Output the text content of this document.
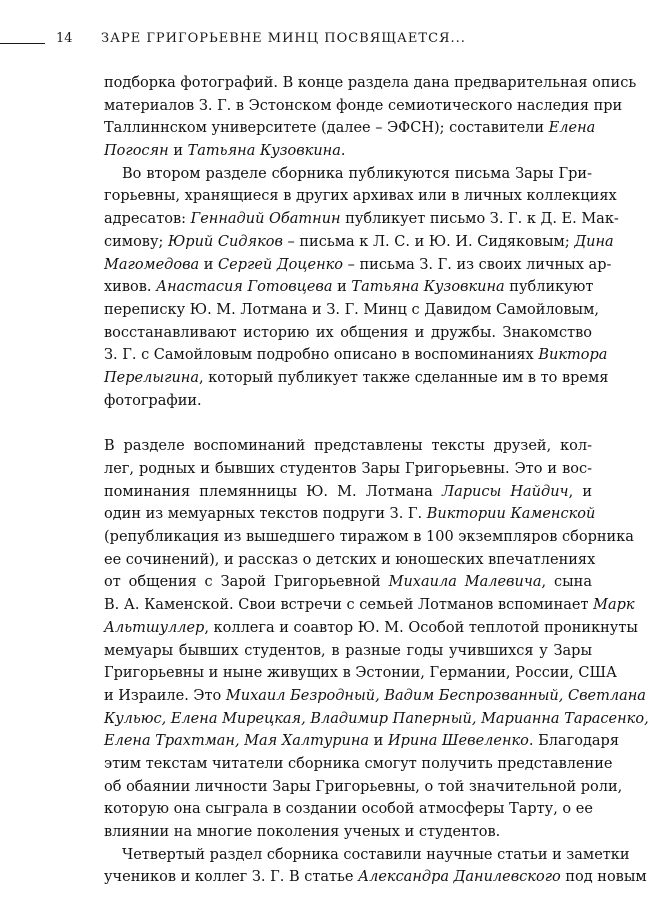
14 ЗАРЕ ГРИГОРЬЕВНЕ МИНЦ ПОСВЯЩАЕТСЯ...
подборка фотографий. В конце раздела дана предварительная опись
материалов З. Г. в Эстонском фонде семиотического наследия при
Таллиннском университете (далее – ЭФСН); составители Елена
Погосян и Татьяна Кузовкина.
Во втором разделе сборника публикуются письма Зары Гри-
горьевны, хранящиеся в других архивах или в личных коллекциях
адресатов: Геннадий Обатнин публикует письмо З. Г. к Д. Е. Мак-
симову; Юрий Сидяков – письма к Л. С. и Ю. И. Сидяковым; Дина
Магомедова и Сергей Доценко – письма З. Г. из своих личных ар-
хивов. Анастасия Готовцева и Татьяна Кузовкина публикуют
переписку Ю. М. Лотмана и З. Г. Минц с Давидом Самойловым,
восстанавливают историю их общения и дружбы. Знакомство
З. Г. с Самойловым подробно описано в воспоминаниях Виктора
Перелыгина, который публикует также сделанные им в то время
фотографии.
В разделе воспоминаний представлены тексты друзей, кол-
лег, родных и бывших студентов Зары Григорьевны. Это и вос-
поминания племянницы Ю. М. Лотмана Ларисы Найдич, и
один из мемуарных текстов подруги З. Г. Виктории Каменской
(републикация из вышедшего тиражом в 100 экземпляров сборника
ее сочинений), и рассказ о детских и юношеских впечатлениях
от общения с Зарой Григорьевной Михаила Малевича, сына
В. А. Каменской. Свои встречи с семьей Лотманов вспоминает Марк
Альтшуллер, коллега и соавтор Ю. М. Особой теплотой проникнуты
мемуары бывших студентов, в разные годы учившихся у Зары
Григорьевны и ныне живущих в Эстонии, Германии, России, США
и Израиле. Это Михаил Безродный, Вадим Беспрозванный, Светлана
Кульюс, Елена Мирецкая, Владимир Паперный, Марианна Тарасенко,
Елена Трахтман, Мая Халтурина и Ирина Шевеленко. Благодаря
этим текстам читатели сборника смогут получить представление
об обаянии личности Зары Григорьевны, о той значительной роли,
которую она сыграла в создании особой атмосферы Тарту, о ее
влиянии на многие поколения ученых и студентов.
Четвертый раздел сборника составили научные статьи и заметки
учеников и коллег З. Г. В статье Александра Данилевского под новым
